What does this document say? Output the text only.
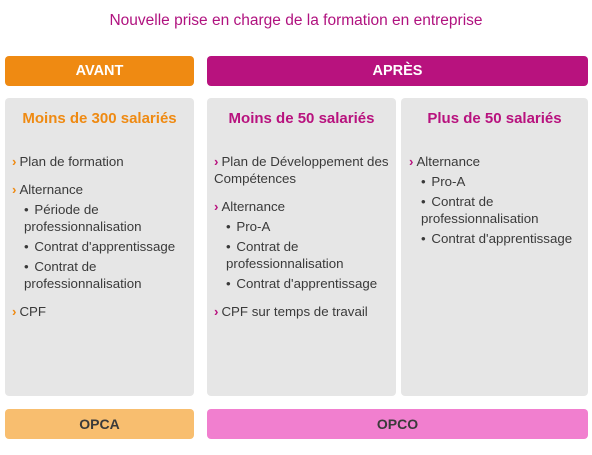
Nouvelle prise en charge de la formation en entreprise
AVANT	APRÈS
Moins de 300 salariés	Moins de 50 salariés	Plus de 50 salariés
› Plan de formation
› Alternance
• Période de professionnalisation
• Contrat d'apprentissage
• Contrat de professionnalisation
› CPF
› Plan de Développement des Compétences
› Alternance
• Pro-A
• Contrat de professionnalisation
• Contrat d'apprentissage
› CPF sur temps de travail
› Alternance
• Pro-A
• Contrat de professionnalisation
• Contrat d'apprentissage
OPCA	OPCO
